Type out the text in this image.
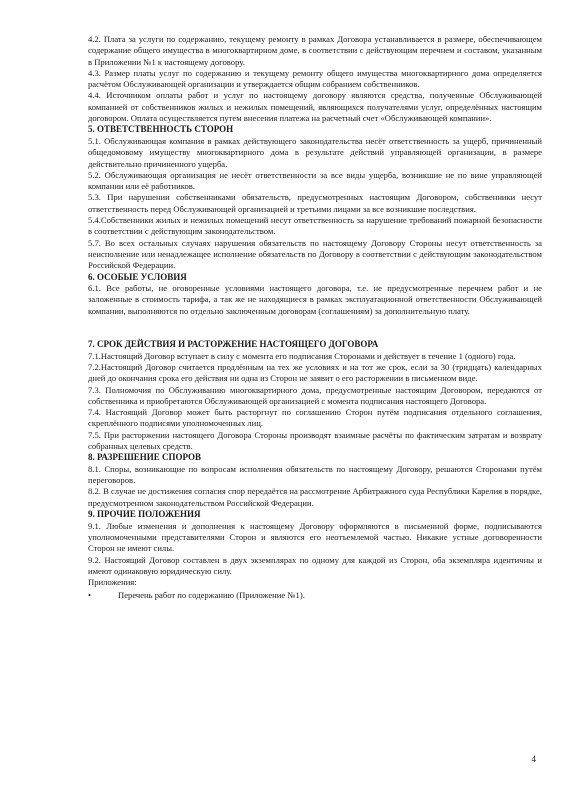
4.2. Плата за услуги по содержанию, текущему ремонту в рамках Договора устанавливается в размере, обеспечивающем содержание общего имущества в многоквартирном доме, в соответствии с действующим перечнем и составом, указанным в Приложении №1 к настоящему договору.

4.3. Размер платы услуг по содержанию и текущему ремонту общего имущества многоквартирного дома определяется расчётом Обслуживающей организации и утверждается общим собранием собственников.

4.4. Источником оплаты работ и услуг по настоящему договору являются средства, полученные Обслуживающей компанией от собственников жилых и нежилых помещений, являющихся получателями услуг, определённых настоящим договором. Оплата осуществляется путем внесения платежа на расчетный счет «Обслуживающей компании».

5. ОТВЕТСТВЕННОСТЬ СТОРОН

5.1. Обслуживающая компания в рамках действующего законодательства несёт ответственность за ущерб, причиненный общедомовому имуществу многоквартирного дома в результате действий управляющей организации, в размере действительно причиненного ущерба.

5.2. Обслуживающая организация не несёт ответственности за все виды ущерба, возникшие не по вине управляющей компании или её работников.

5.3. При нарушении собственниками обязательств, предусмотренных настоящим Договором, собственники несут ответственность перед Обслуживающей организацией и третьими лицами за все возникшие последствия.

5.4.Собственники жилых и нежилых помещений несут ответственность за нарушение требований пожарной безопасности в соответствии с действующим законодательством.

5.7. Во всех остальных случаях нарушения обязательств по настоящему Договору Стороны несут ответственность за неисполнение или ненадлежащее исполнение обязательств по Договору в соответствии с действующим законодательством Российской Федерации.

6. ОСОБЫЕ УСЛОВИЯ

6.1. Все работы, не оговоренные условиями настоящего договора, т.е. не предусмотренные перечнем работ и не заложенные в стоимость тарифа, а так же не находящиеся в рамках эксплуатационной ответственности Обслуживающей компании, выполняются по отдельно заключенным договорам (соглашениям) за дополнительную плату.

7. СРОК ДЕЙСТВИЯ И РАСТОРЖЕНИЕ НАСТОЯЩЕГО ДОГОВОРА

7.1.Настоящий Договор вступает в силу с момента его подписания Сторонами и действует в течение 1 (одного) года.

7.2.Настоящий Договор считается продлённым на тех же условиях и на тот же срок, если за 30 (тридцать) календарных дней до окончания срока его действия ни одна из Сторон не заявит о его расторжении в письменном виде.

7.3. Полномочия по Обслуживанию многоквартирного дома, предусмотренные настоящим Договором, передаются от собственника и приобретаются Обслуживающей организацией с момента подписания настоящего Договора.

7.4. Настоящий Договор может быть расторгнут по соглашению Сторон путём подписания отдельного соглашения, скреплённого подписями уполномоченных лиц.

7.5. При расторжении настоящего Договора Стороны производят взаимные расчёты по фактическим затратам и возврату собранных целевых средств.

8. РАЗРЕШЕНИЕ СПОРОВ

8.1. Споры, возникающие по вопросам исполнения обязательств по настоящему Договору, решаются Сторонами путём переговоров.

8.2. В случае не достижения согласия спор передаётся на рассмотрение Арбитражного суда Республики Карелия в порядке, предусмотренном законодательством Российской Федерации.

9. ПРОЧИЕ ПОЛОЖЕНИЯ

9.1. Любые изменения и дополнения к настоящему Договору оформляются в письменной форме, подписываются уполномоченными представителями Сторон и являются его неотъемлемой частью. Никакие устные договоренности Сторон не имеют силы.

9.2. Настоящий Договор составлен в двух экземплярах по одному для каждой из Сторон, оба экземпляра идентичны и имеют одинаковую юридическую силу.

Приложения:

•	Перечень работ по содержанию (Приложение №1).
4
